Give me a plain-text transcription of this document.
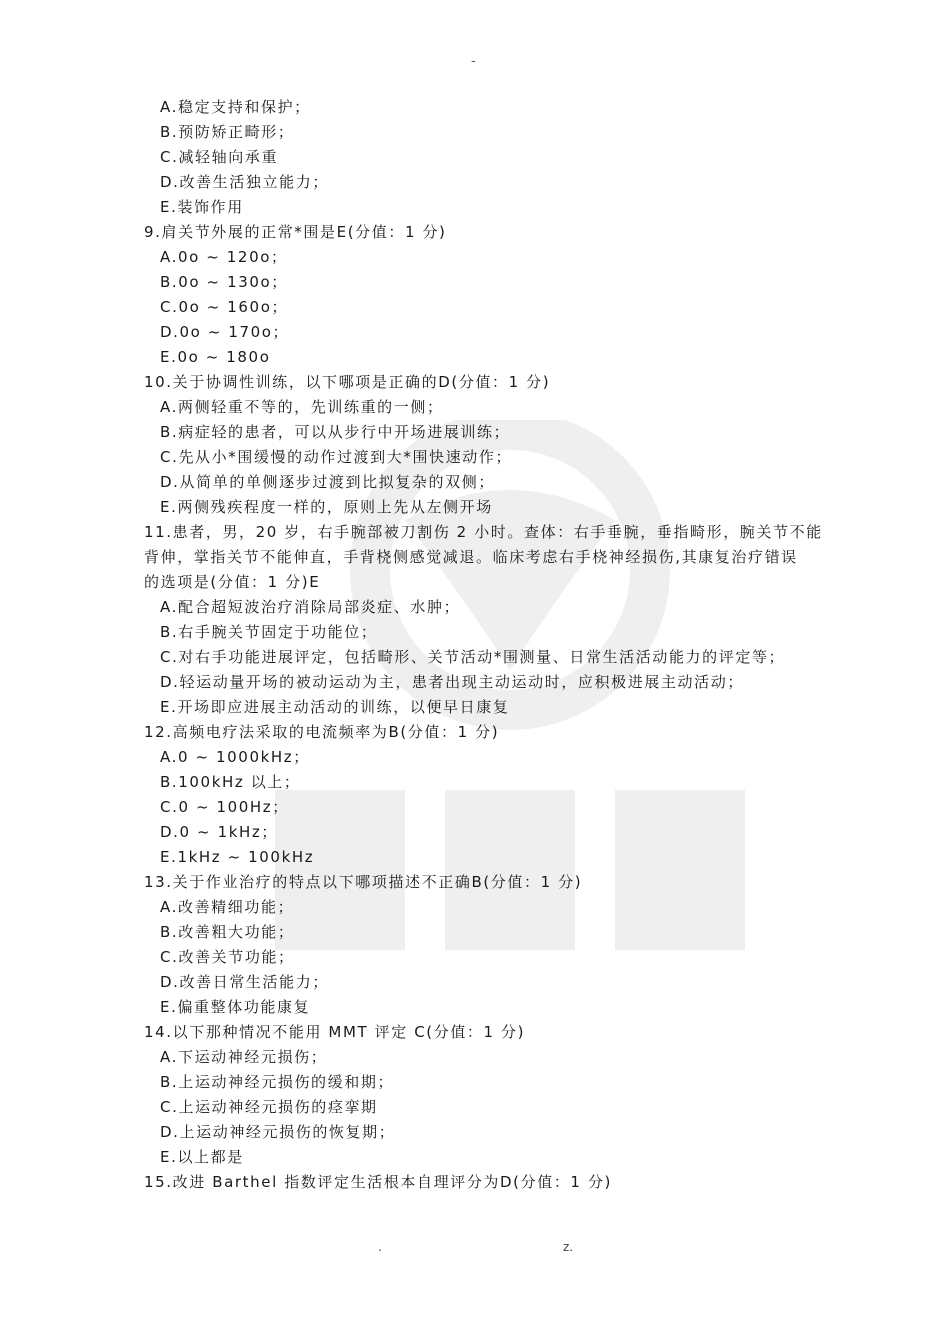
-
A.稳定支持和保护；
B.预防矫正畸形；
C.减轻轴向承重
D.改善生活独立能力；
E.装饰作用
9.肩关节外展的正常*围是E(分值：1 分)
A.0o ~ 120o；
B.0o ~ 130o；
C.0o ~ 160o；
D.0o ~ 170o；
E.0o ~ 180o
10.关于协调性训练，以下哪项是正确的D(分值：1 分)
A.两侧轻重不等的，先训练重的一侧；
B.病症轻的患者，可以从步行中开场进展训练；
C.先从小*围缓慢的动作过渡到大*围快速动作；
D.从简单的单侧逐步过渡到比拟复杂的双侧；
E.两侧残疾程度一样的，原则上先从左侧开场
11.患者，男，20 岁，右手腕部被刀割伤 2 小时。查体：右手垂腕，垂指畸形，腕关节不能
背伸，掌指关节不能伸直，手背桡侧感觉减退。临床考虑右手桡神经损伤,其康复治疗错误
的选项是(分值：1 分)E
A.配合超短波治疗消除局部炎症、水肿；
B.右手腕关节固定于功能位；
C.对右手功能进展评定，包括畸形、关节活动*围测量、日常生活活动能力的评定等；
D.轻运动量开场的被动运动为主，患者出现主动运动时，应积极进展主动活动；
E.开场即应进展主动活动的训练，以便早日康复
12.高频电疗法采取的电流频率为B(分值：1 分)
A.0 ~ 1000kHz；
B.100kHz 以上；
C.0 ~ 100Hz；
D.0 ~ 1kHz；
E.1kHz ~ 100kHz
13.关于作业治疗的特点以下哪项描述不正确B(分值：1 分)
A.改善精细功能；
B.改善粗大功能；
C.改善关节功能；
D.改善日常生活能力；
E.偏重整体功能康复
14.以下那种情况不能用 MMT 评定 C(分值：1 分)
A.下运动神经元损伤；
B.上运动神经元损伤的缓和期；
C.上运动神经元损伤的痉挛期
D.上运动神经元损伤的恢复期；
E.以上都是
15.改进 Barthel 指数评定生活根本自理评分为D(分值：1 分)
.	z.
